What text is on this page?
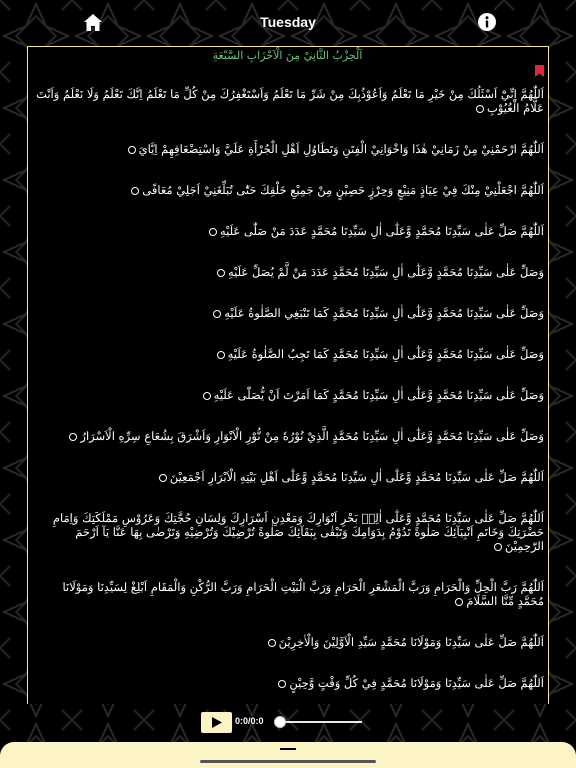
Tuesday
اَلْحِزْبُ الثَّانِيْ مِنَ الْاَحْزَابِ السَّبْعَةِ
اَللّٰهُمَّ اِنِّيْٓ اَسْئَلُكَ مِنْ خَيْرِ مَا تَعْلَمُ وَاَعُوْذُبِكَ مِنْ شَرِّ مَا تَعْلَمُ وَاَسْتَغْفِرُكَ مِنْ كُلِّ مَا تَعْلَمُ اِنَّكَ تَعْلَمُ وَلَا نَعْلَمُ وَاَنْتَ عَلَّامُ الْغُيُوْبِ
اَللّٰهُمَّ ارْحَمْنِيْ مِنْ زَمَانِيْ هٰذَا وَاخْوَانِيْ الْفِتَنِ وَتَطَاوُلِ اَهْلِ الْجُرْأَةِ عَلَيَّ وَاسْتِضْعَافِهِمْ اِيَّايَ
اَللّٰهُمَّ اجْعَلْنِيْ مِنْكَ فِيْ عِيَاذٍ مَنِيْعٍ وَحِرْزٍ حَصِيْنٍ مِنْ جَمِيْعِ خَلْقِكَ حَتّٰى تُبَلِّغَنِيْ اَجَلِيْ مُعَافًى
اَللّٰهُمَّ صَلِّ عَلٰى سَيِّدِنَا مُحَمَّدٍ وَّعَلٰٓى اٰلِ سَيِّدِنَا مُحَمَّدٍ عَدَدَ مَنْ صَلّٰى عَلَيْهِ
وَصَلِّ عَلٰى سَيِّدِنَا مُحَمَّدٍ وَّعَلٰٓى اٰلِ سَيِّدِنَا مُحَمَّدٍ عَدَدَ مَنْ لَّمْ يُصَلِّ عَلَيْهِ
وَصَلِّ عَلٰى سَيِّدِنَا مُحَمَّدٍ وَّعَلٰٓى اٰلِ سَيِّدِنَا مُحَمَّدٍ كَمَا تَنْبَغِي الصَّلٰوةُ عَلَيْهِ
وَصَلِّ عَلٰى سَيِّدِنَا مُحَمَّدٍ وَّعَلٰٓى اٰلِ سَيِّدِنَا مُحَمَّدٍ كَمَا تَجِبُ الصَّلٰوةُ عَلَيْهِ
وَصَلِّ عَلٰى سَيِّدِنَا مُحَمَّدٍ وَّعَلٰٓى اٰلِ سَيِّدِنَا مُحَمَّدٍ كَمَا اَمَرْتَ اَنْ يُّصَلّٰى عَلَيْهِ
وَصَلِّ عَلٰى سَيِّدِنَا مُحَمَّدٍ وَّعَلٰٓى اٰلِ سَيِّدِنَا مُحَمَّدٍ الَّذِيْ نُوْرُهٗ مِنْ نُّوْرِ الْاَنْوَارِ وَاَشْرَقَ بِشُعَاعِ سِرِّهِ الْاَسْرَارُ
اَللّٰهُمَّ صَلِّ عَلٰى سَيِّدِنَا مُحَمَّدٍ وَّعَلٰٓى اٰلِ سَيِّدِنَا مُحَمَّدٍ وَّعَلٰٓى اَهْلِ بَيْتِهِ الْاَبْرَارِ اَجْمَعِيْنَ
اَللّٰهُمَّ صَلِّ عَلٰى سَيِّدِنَا مُحَمَّدٍ وَّعَلٰٓى اٰلِهٖ بَحْرِ اَنْوَارِكَ وَمَعْدِنِ اَسْرَارِكَ وَلِسَانِ حُجَّتِكَ وَعَرُوْسِ مَمْلَكَتِكَ وَاِمَامِ حَضْرَتِكَ وَخَاتَمِ اَنْبِيَآئِكَ صَلٰوةً تَدُوْمُ بِدَوَامِكَ وَتَبْقٰى بِبَقَآئِكَ صَلٰوةً تُرْضِيْكَ وَتُرْضِيْهِ وَتَرْضٰى بِهَا عَنَّا يَآ اَرْحَمَ الرّٰحِمِيْنَ
اَللّٰهُمَّ رَبَّ الْحِلِّ وَالْحَرَامِ وَرَبَّ الْمَشْعَرِ الْحَرَامِ وَرَبَّ الْبَيْتِ الْحَرَامِ وَرَبَّ الرُّكْنِ وَالْمَقَامِ اَبْلِغْ لِسَيِّدِنَا وَمَوْلَانَا مُحَمَّدٍ مِّنَّا السَّلَامَ
اَللّٰهُمَّ صَلِّ عَلٰى سَيِّدِنَا وَمَوْلَانَا مُحَمَّدٍ سَيِّدِ الْاَوَّلِيْنَ وَالْاٰخِرِيْنَ
اَللّٰهُمَّ صَلِّ عَلٰى سَيِّدِنَا وَمَوْلَانَا مُحَمَّدٍ فِيْ كُلِّ وَقْتٍ وَّحِيْنٍ
0:0/0:0
